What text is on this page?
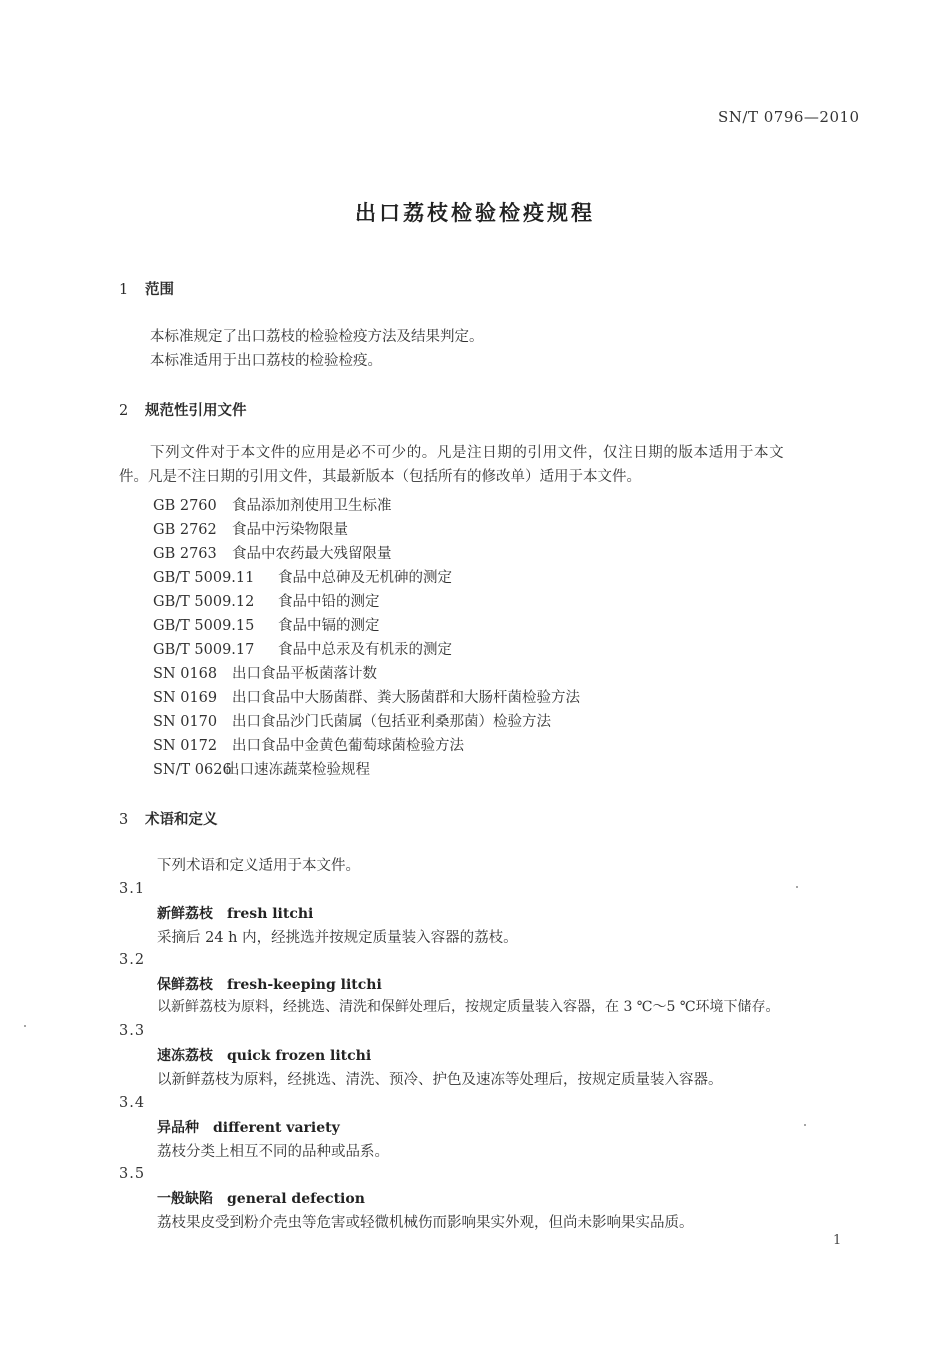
SN/T 0796—2010
出口荔枝检验检疫规程
1 范围
本标准规定了出口荔枝的检验检疫方法及结果判定。
本标准适用于出口荔枝的检验检疫。
2 规范性引用文件
下列文件对于本文件的应用是必不可少的。凡是注日期的引用文件，仅注日期的版本适用于本文
件。凡是不注日期的引用文件，其最新版本（包括所有的修改单）适用于本文件。
GB 2760 食品添加剂使用卫生标准
GB 2762 食品中污染物限量
GB 2763 食品中农药最大残留限量
GB/T 5009.11 食品中总砷及无机砷的测定
GB/T 5009.12 食品中铅的测定
GB/T 5009.15 食品中镉的测定
GB/T 5009.17 食品中总汞及有机汞的测定
SN 0168 出口食品平板菌落计数
SN 0169 出口食品中大肠菌群、粪大肠菌群和大肠杆菌检验方法
SN 0170 出口食品沙门氏菌属（包括亚利桑那菌）检验方法
SN 0172 出口食品中金黄色葡萄球菌检验方法
SN/T 0626出口速冻蔬菜检验规程
3 术语和定义
下列术语和定义适用于本文件。
3.1
新鲜荔枝 fresh litchi
采摘后 24 h 内，经挑选并按规定质量装入容器的荔枝。
3.2
保鲜荔枝 fresh-keeping litchi
以新鲜荔枝为原料，经挑选、清洗和保鲜处理后，按规定质量装入容器，在 3 ℃～5 ℃环境下储存。
3.3
速冻荔枝 quick frozen litchi
以新鲜荔枝为原料，经挑选、清洗、预冷、护色及速冻等处理后，按规定质量装入容器。
3.4
异品种 different variety
荔枝分类上相互不同的品种或品系。
3.5
一般缺陷 general defection
荔枝果皮受到粉介壳虫等危害或轻微机械伤而影响果实外观，但尚未影响果实品质。
1
